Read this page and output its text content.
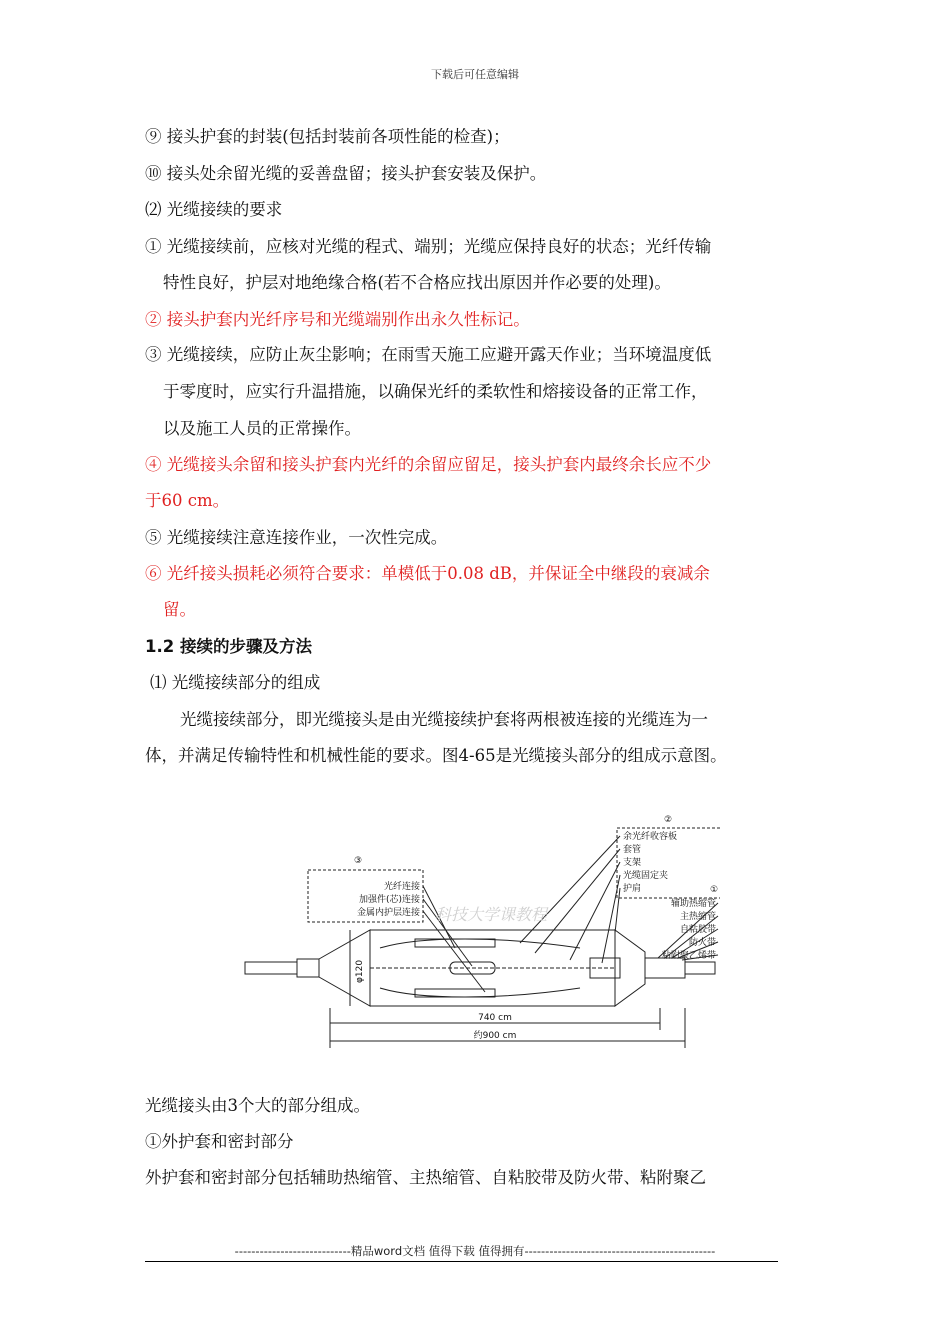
下载后可任意编辑
⑨ 接头护套的封装(包括封装前各项性能的检查)；
⑩ 接头处余留光缆的妥善盘留；接头护套安装及保护。
⑵ 光缆接续的要求
① 光缆接续前，应核对光缆的程式、端别；光缆应保持良好的状态；光纤传输
特性良好，护层对地绝缘合格(若不合格应找出原因并作必要的处理)。
② 接头护套内光纤序号和光缆端别作出永久性标记。
③ 光缆接续，应防止灰尘影响；在雨雪天施工应避开露天作业；当环境温度低
于零度时，应实行升温措施，以确保光纤的柔软性和熔接设备的正常工作，
以及施工人员的正常操作。
④ 光缆接头余留和接头护套内光纤的余留应留足，接头护套内最终余长应不少
于60 cm。
⑤ 光缆接续注意连接作业，一次性完成。
⑥ 光纤接头损耗必须符合要求：单模低于0.08 dB，并保证全中继段的衰减余
留。
1.2 接续的步骤及方法
⑴ 光缆接续部分的组成
光缆接续部分，即光缆接头是由光缆接续护套将两根被连接的光缆连为一
体，并满足传输特性和机械性能的要求。图4-65是光缆接头部分的组成示意图。
③
光纤连接
加强件(芯)连接
金属内护层连接
②
余光纤收容板
套管
支架
光缆固定夹
护肩	①
辅助热缩管
主热缩管
自粘胶带
防火带
粘附聚乙烯带
φ120
740 cm
约900 cm
科技大学课教程
光缆接头由3个大的部分组成。
①外护套和密封部分
外护套和密封部分包括辅助热缩管、主热缩管、自粘胶带及防火带、粘附聚乙
----------------------------精品word文档 值得下载 值得拥有----------------------------------------------
